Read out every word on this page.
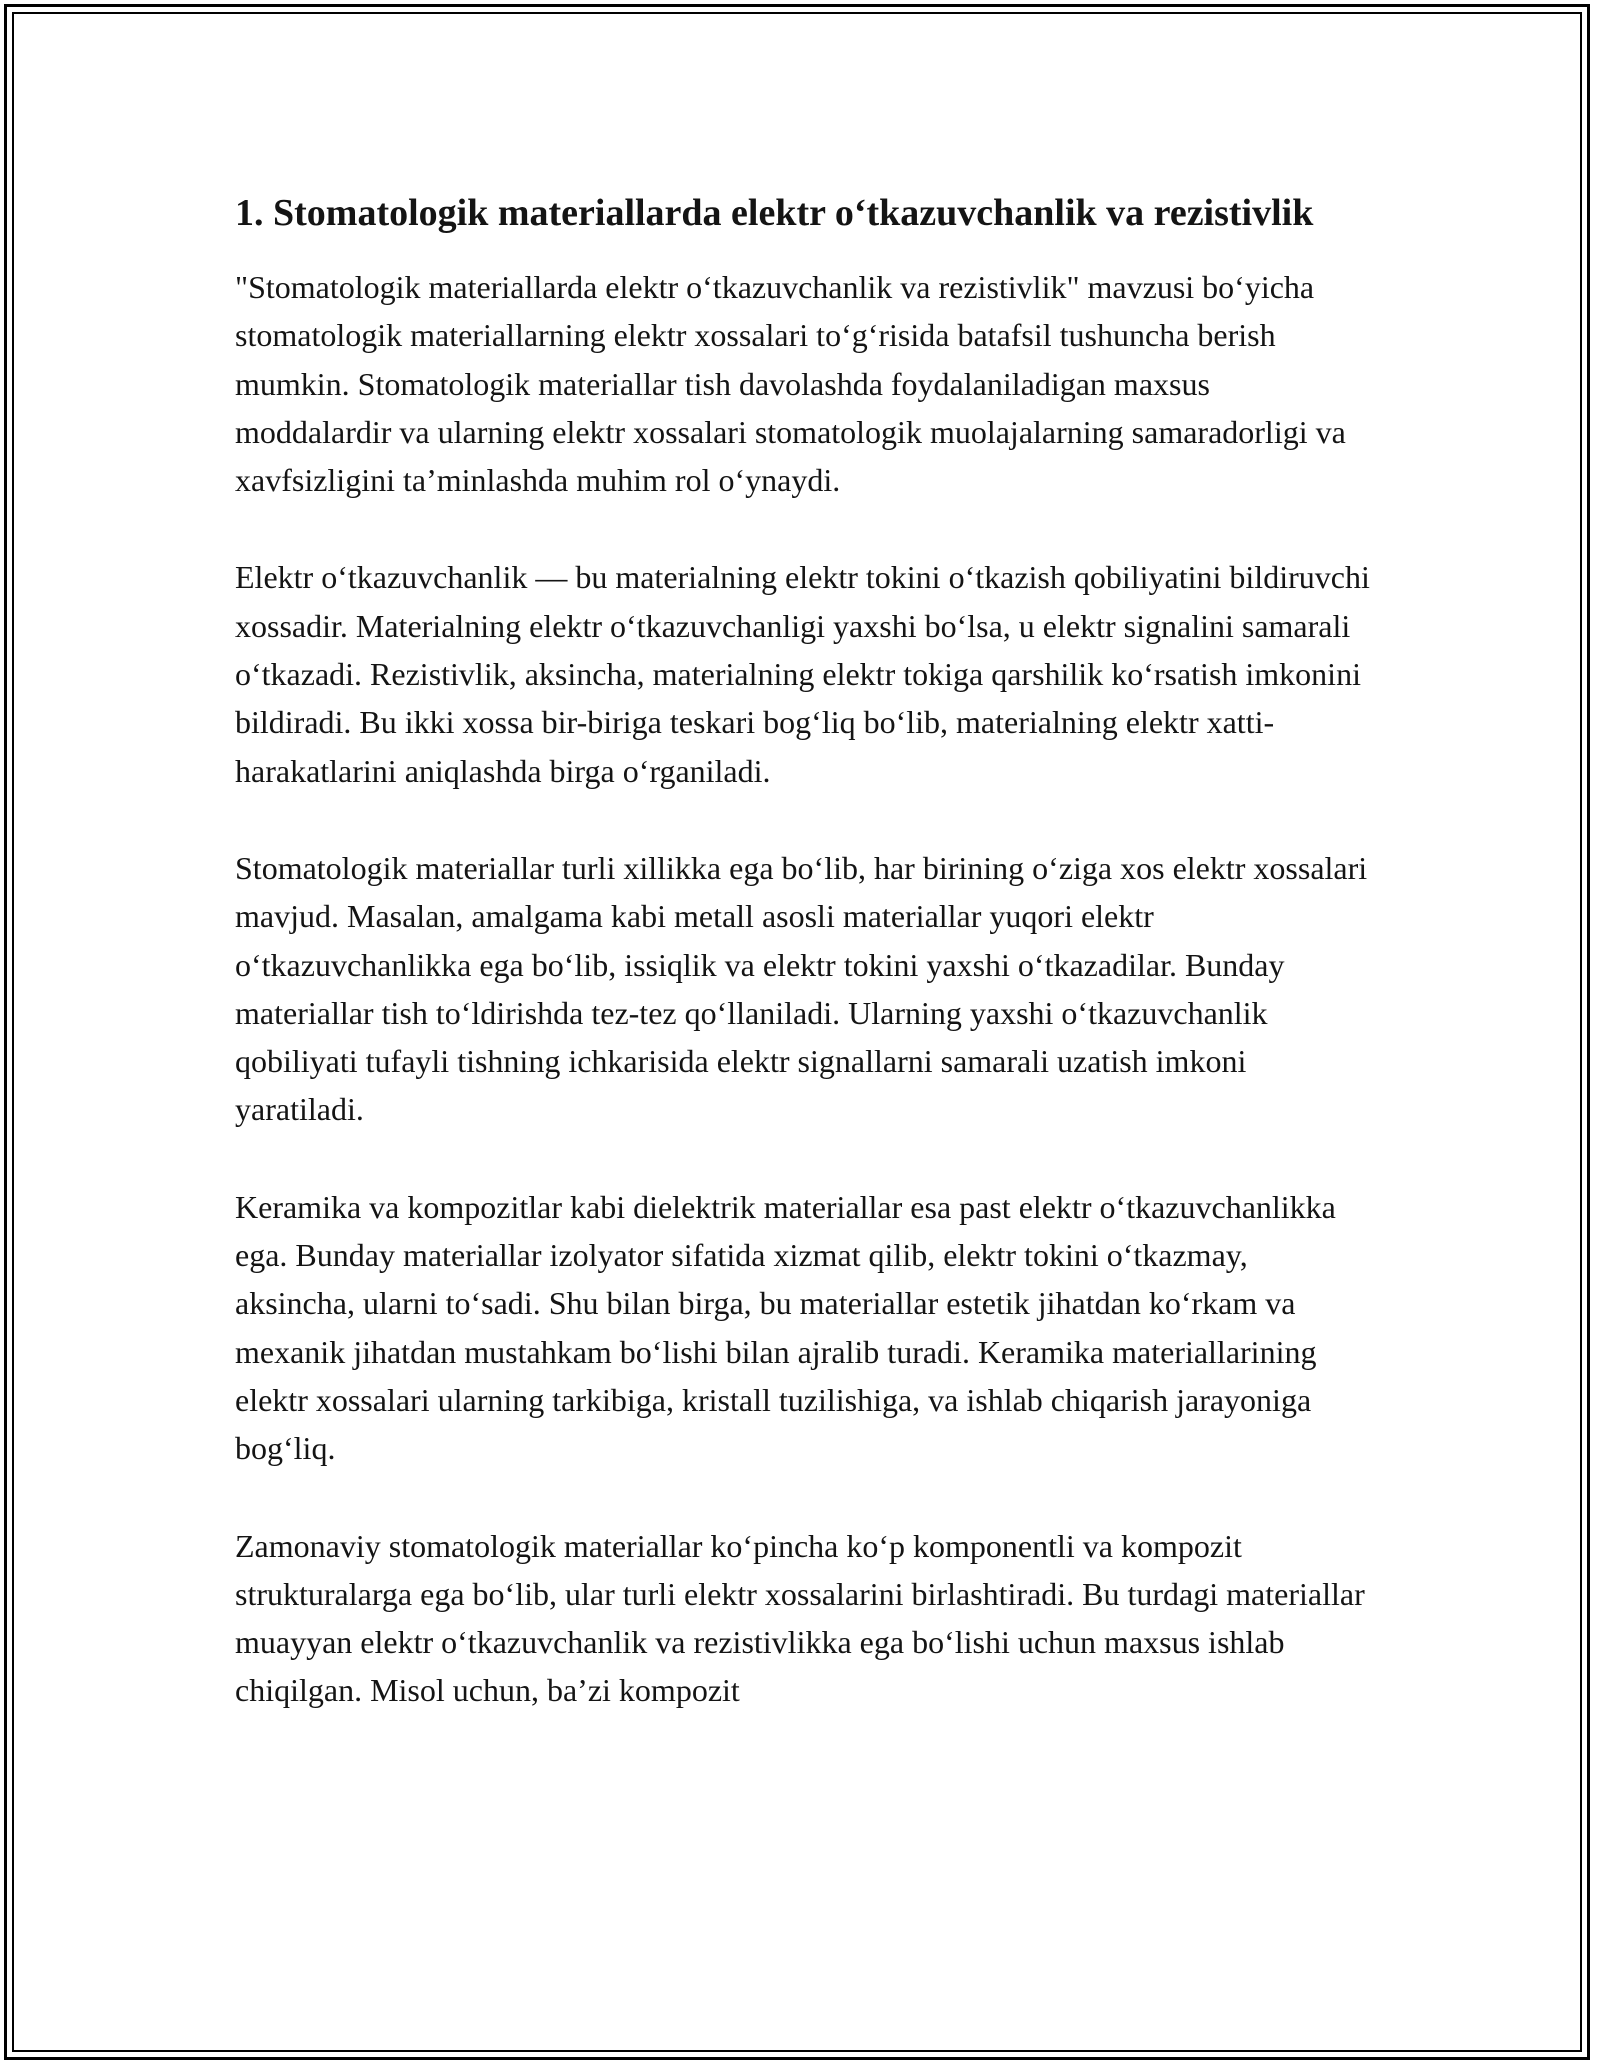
1. Stomatologik materiallarda elektr o‘tkazuvchanlik va rezistivlik

"Stomatologik materiallarda elektr o‘tkazuvchanlik va rezistivlik" mavzusi bo‘yicha stomatologik materiallarning elektr xossalari to‘g‘risida batafsil tushuncha berish mumkin. Stomatologik materiallar tish davolashda foydalaniladigan maxsus moddalardir va ularning elektr xossalari stomatologik muolajalarning samaradorligi va xavfsizligini ta’minlashda muhim rol o‘ynaydi.

Elektr o‘tkazuvchanlik — bu materialning elektr tokini o‘tkazish qobiliyatini bildiruvchi xossadir. Materialning elektr o‘tkazuvchanligi yaxshi bo‘lsa, u elektr signalini samarali o‘tkazadi. Rezistivlik, aksincha, materialning elektr tokiga qarshilik ko‘rsatish imkonini bildiradi. Bu ikki xossa bir-biriga teskari bog‘liq bo‘lib, materialning elektr xatti-harakatlarini aniqlashda birga o‘rganiladi.

Stomatologik materiallar turli xillikka ega bo‘lib, har birining o‘ziga xos elektr xossalari mavjud. Masalan, amalgama kabi metall asosli materiallar yuqori elektr o‘tkazuvchanlikka ega bo‘lib, issiqlik va elektr tokini yaxshi o‘tkazadilar. Bunday materiallar tish to‘ldirishda tez-tez qo‘llaniladi. Ularning yaxshi o‘tkazuvchanlik qobiliyati tufayli tishning ichkarisida elektr signallarni samarali uzatish imkoni yaratiladi.

Keramika va kompozitlar kabi dielektrik materiallar esa past elektr o‘tkazuvchanlikka ega. Bunday materiallar izolyator sifatida xizmat qilib, elektr tokini o‘tkazmay, aksincha, ularni to‘sadi. Shu bilan birga, bu materiallar estetik jihatdan ko‘rkam va mexanik jihatdan mustahkam bo‘lishi bilan ajralib turadi. Keramika materiallarining elektr xossalari ularning tarkibiga, kristall tuzilishiga, va ishlab chiqarish jarayoniga bog‘liq.

Zamonaviy stomatologik materiallar ko‘pincha ko‘p komponentli va kompozit strukturalarga ega bo‘lib, ular turli elektr xossalarini birlashtiradi. Bu turdagi materiallar muayyan elektr o‘tkazuvchanlik va rezistivlikka ega bo‘lishi uchun maxsus ishlab chiqilgan. Misol uchun, ba’zi kompozit
